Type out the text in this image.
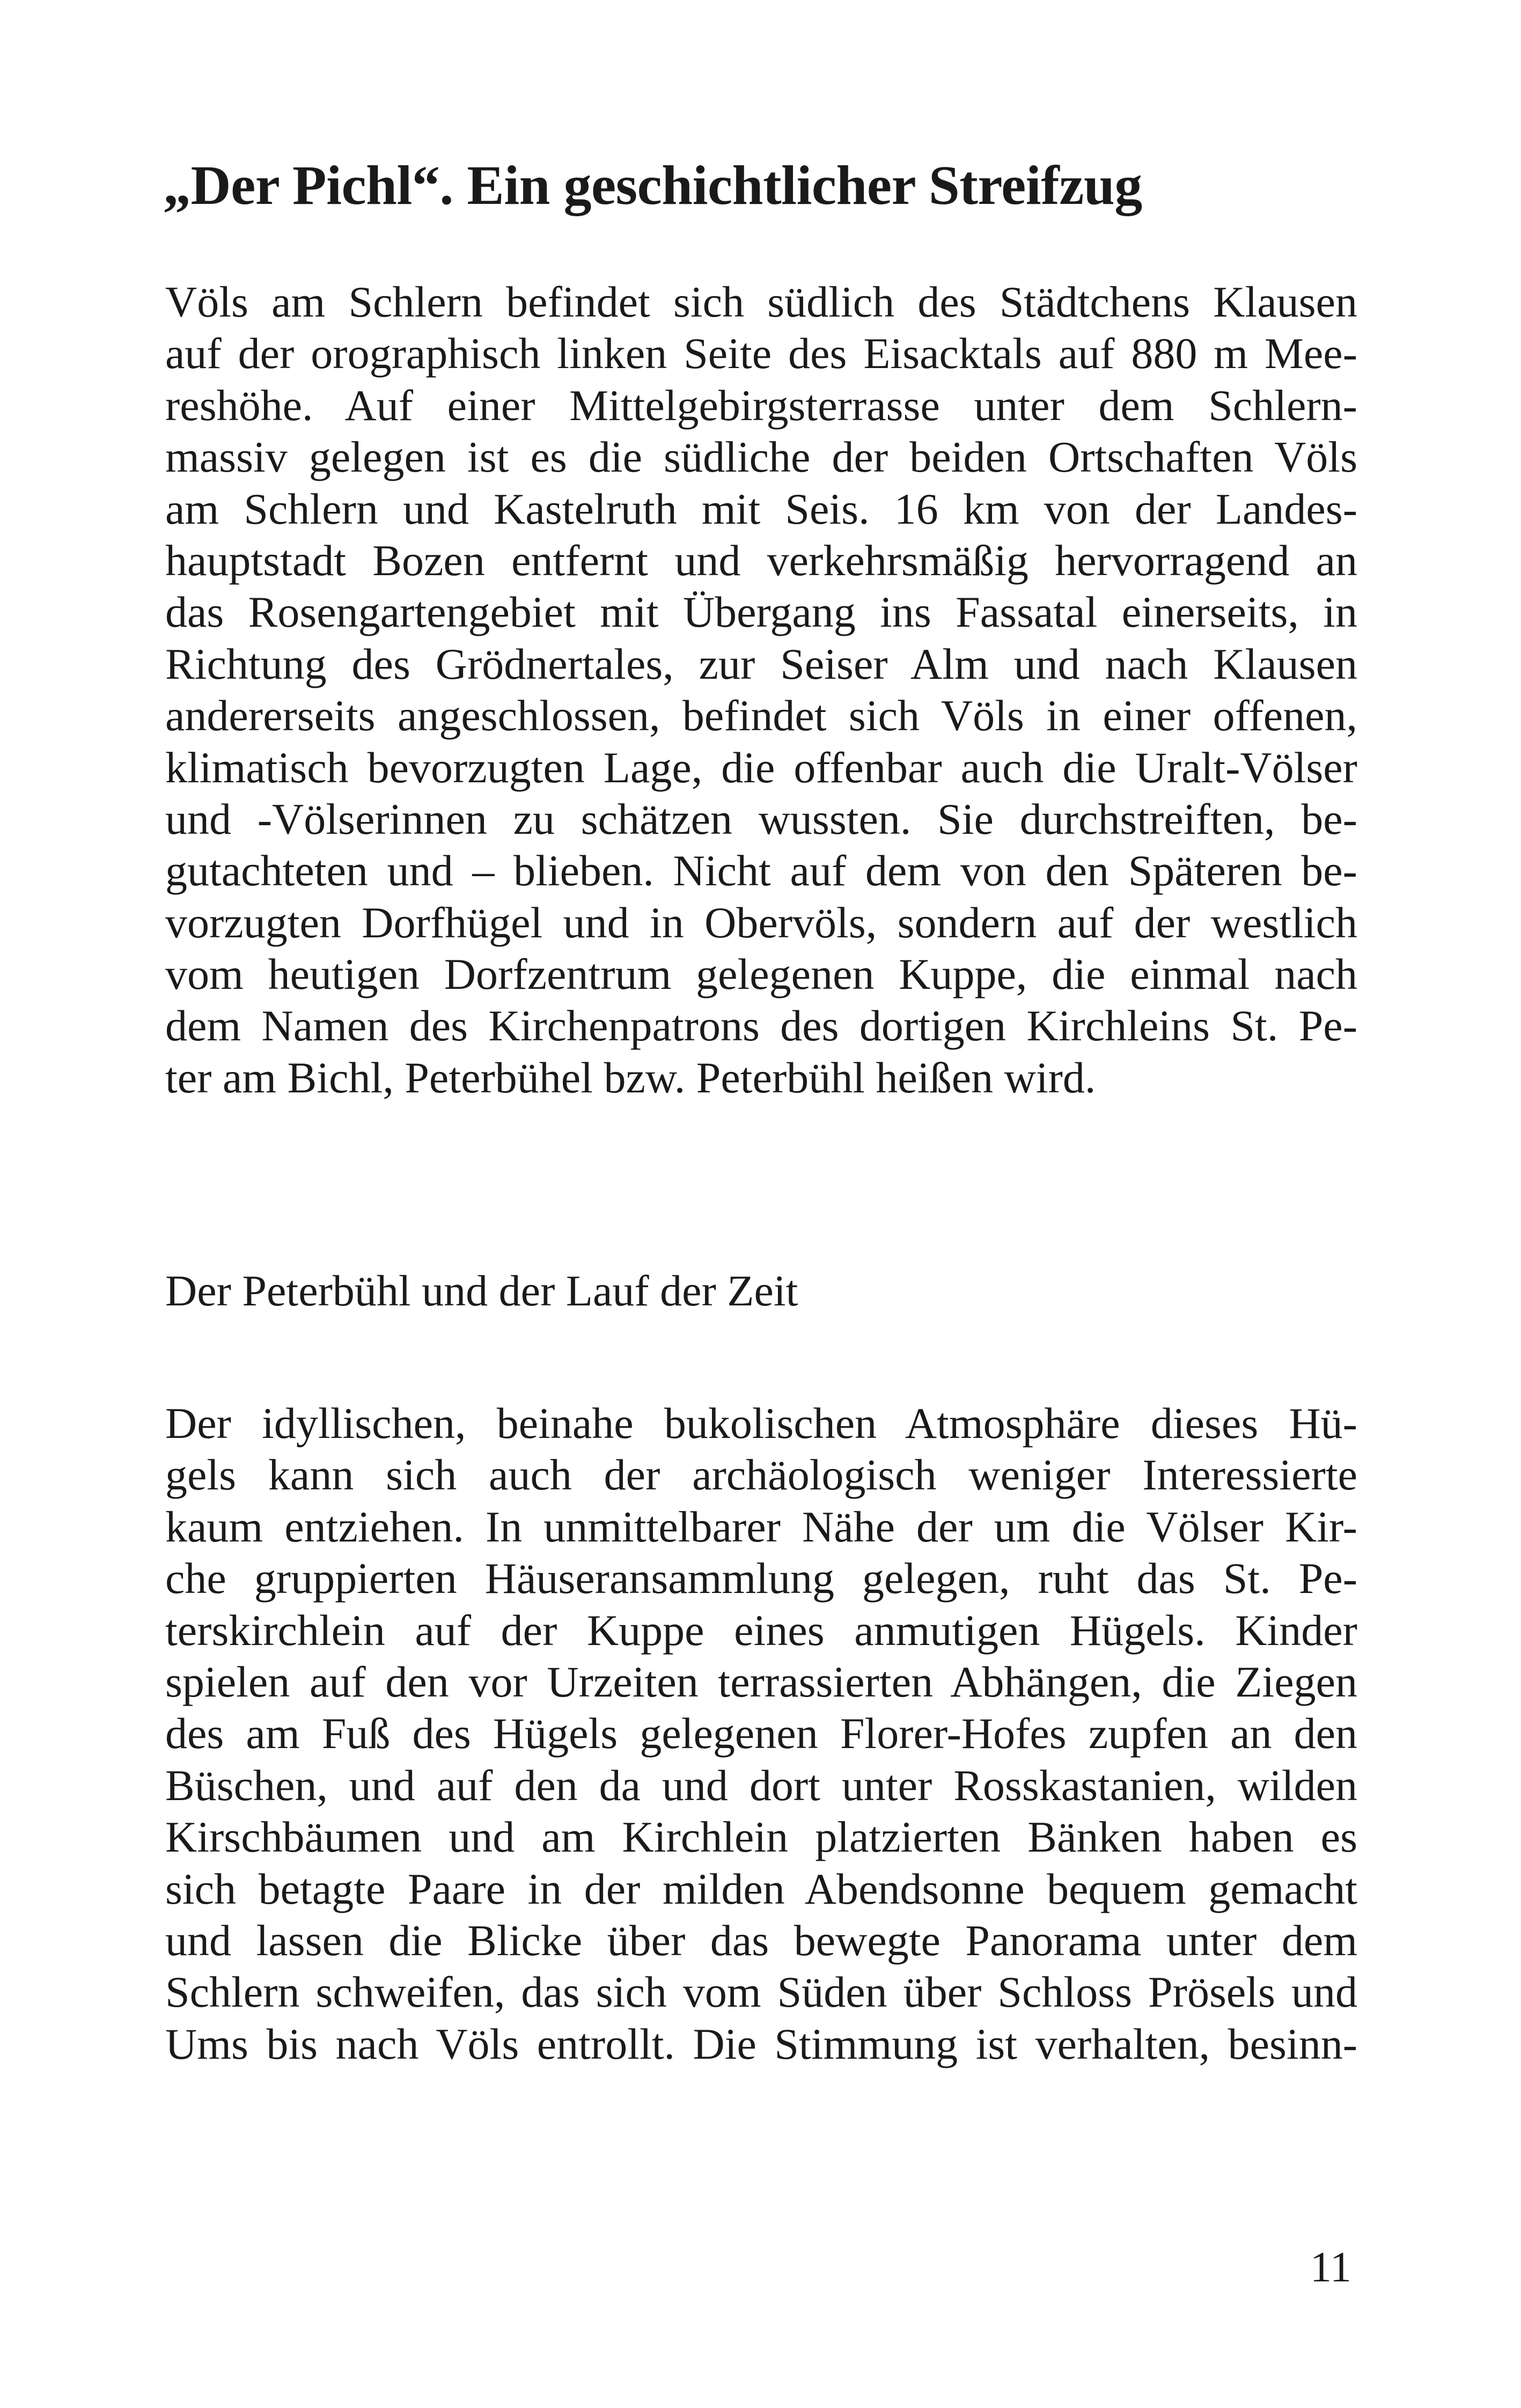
„Der Pichl“. Ein geschichtlicher Streifzug
Völs am Schlern befindet sich südlich des Städtchens Klausen
auf der orographisch linken Seite des Eisacktals auf 880 m Mee-
reshöhe. Auf einer Mittelgebirgsterrasse unter dem Schlern-
massiv gelegen ist es die südliche der beiden Ortschaften Völs
am Schlern und Kastelruth mit Seis. 16 km von der Landes-
hauptstadt Bozen entfernt und verkehrsmäßig hervorragend an
das Rosengartengebiet mit Übergang ins Fassatal einerseits, in
Richtung des Grödnertales, zur Seiser Alm und nach Klausen
andererseits angeschlossen, befindet sich Völs in einer offenen,
klimatisch bevorzugten Lage, die offenbar auch die Uralt-Völser
und -Völserinnen zu schätzen wussten. Sie durchstreiften, be-
gutachteten und – blieben. Nicht auf dem von den Späteren be-
vorzugten Dorfhügel und in Obervöls, sondern auf der westlich
vom heutigen Dorfzentrum gelegenen Kuppe, die einmal nach
dem Namen des Kirchenpatrons des dortigen Kirchleins St. Pe-
ter am Bichl, Peterbühel bzw. Peterbühl heißen wird.
Der Peterbühl und der Lauf der Zeit
Der idyllischen, beinahe bukolischen Atmosphäre dieses Hü-
gels kann sich auch der archäologisch weniger Interessierte
kaum entziehen. In unmittelbarer Nähe der um die Völser Kir-
che gruppierten Häuseransammlung gelegen, ruht das St. Pe-
terskirchlein auf der Kuppe eines anmutigen Hügels. Kinder
spielen auf den vor Urzeiten terrassierten Abhängen, die Ziegen
des am Fuß des Hügels gelegenen Florer-Hofes zupfen an den
Büschen, und auf den da und dort unter Rosskastanien, wilden
Kirschbäumen und am Kirchlein platzierten Bänken haben es
sich betagte Paare in der milden Abendsonne bequem gemacht
und lassen die Blicke über das bewegte Panorama unter dem
Schlern schweifen, das sich vom Süden über Schloss Prösels und
Ums bis nach Völs entrollt. Die Stimmung ist verhalten, besinn-
11
